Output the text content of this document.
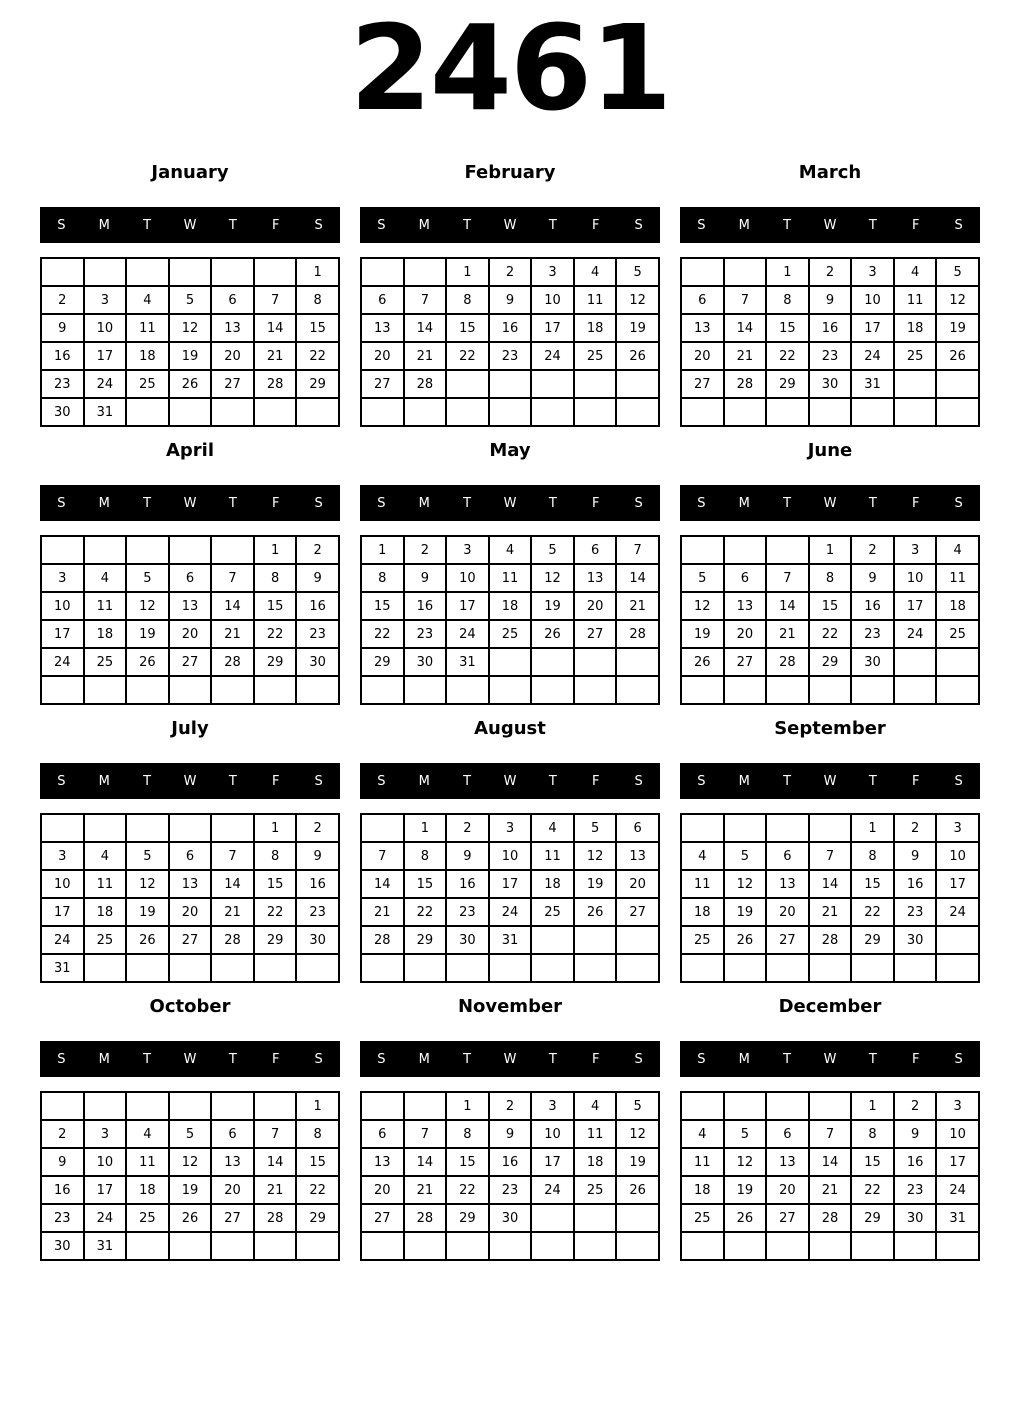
2461
January
S	M	T	W	T	F	S
						1
2	3	4	5	6	7	8
9	10	11	12	13	14	15
16	17	18	19	20	21	22
23	24	25	26	27	28	29
30	31					
February
S	M	T	W	T	F	S
		1	2	3	4	5
6	7	8	9	10	11	12
13	14	15	16	17	18	19
20	21	22	23	24	25	26
27	28					

March
S	M	T	W	T	F	S
		1	2	3	4	5
6	7	8	9	10	11	12
13	14	15	16	17	18	19
20	21	22	23	24	25	26
27	28	29	30	31		

April
S	M	T	W	T	F	S
					1	2
3	4	5	6	7	8	9
10	11	12	13	14	15	16
17	18	19	20	21	22	23
24	25	26	27	28	29	30

May
S	M	T	W	T	F	S
1	2	3	4	5	6	7
8	9	10	11	12	13	14
15	16	17	18	19	20	21
22	23	24	25	26	27	28
29	30	31				

June
S	M	T	W	T	F	S
			1	2	3	4
5	6	7	8	9	10	11
12	13	14	15	16	17	18
19	20	21	22	23	24	25
26	27	28	29	30		

July
S	M	T	W	T	F	S
					1	2
3	4	5	6	7	8	9
10	11	12	13	14	15	16
17	18	19	20	21	22	23
24	25	26	27	28	29	30
31						
August
S	M	T	W	T	F	S
	1	2	3	4	5	6
7	8	9	10	11	12	13
14	15	16	17	18	19	20
21	22	23	24	25	26	27
28	29	30	31			

September
S	M	T	W	T	F	S
				1	2	3
4	5	6	7	8	9	10
11	12	13	14	15	16	17
18	19	20	21	22	23	24
25	26	27	28	29	30	

October
S	M	T	W	T	F	S
						1
2	3	4	5	6	7	8
9	10	11	12	13	14	15
16	17	18	19	20	21	22
23	24	25	26	27	28	29
30	31					
November
S	M	T	W	T	F	S
		1	2	3	4	5
6	7	8	9	10	11	12
13	14	15	16	17	18	19
20	21	22	23	24	25	26
27	28	29	30			

December
S	M	T	W	T	F	S
				1	2	3
4	5	6	7	8	9	10
11	12	13	14	15	16	17
18	19	20	21	22	23	24
25	26	27	28	29	30	31
